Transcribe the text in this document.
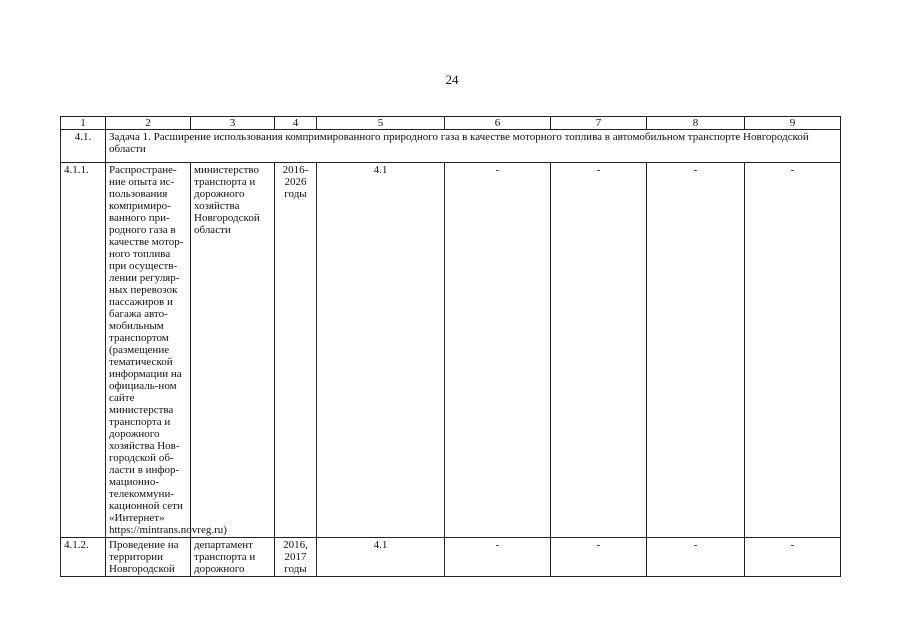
24
1	2	3	4	5	6	7	8	9
4.1.	Задача 1. Расширение использования компримированного природного газа в качестве моторного топлива в автомобильном транспорте Новгородской области							
4.1.1.	Распростране-ние опыта ис-пользования компримиро-ванного при-родного газа в качестве мотор-ного топлива при осуществ-лении регуляр-ных перевозок пассажиров и багажа авто-мобильным транспортом (размещение тематической информации на официаль-ном сайте министерства транспорта и дорожного хозяйства Нов-городской об-ласти в инфор-мационно-телекоммуни-кационной сети «Интернет» https://mintrans.novreg.ru)	министерство транспорта и дорожного хозяйства Новгородской области	2016-2026 годы	4.1	-	-	-	-
4.1.2.	Проведение на территории Новгородской	департамент транспорта и дорожного	2016, 2017 годы	4.1	-	-	-	-
